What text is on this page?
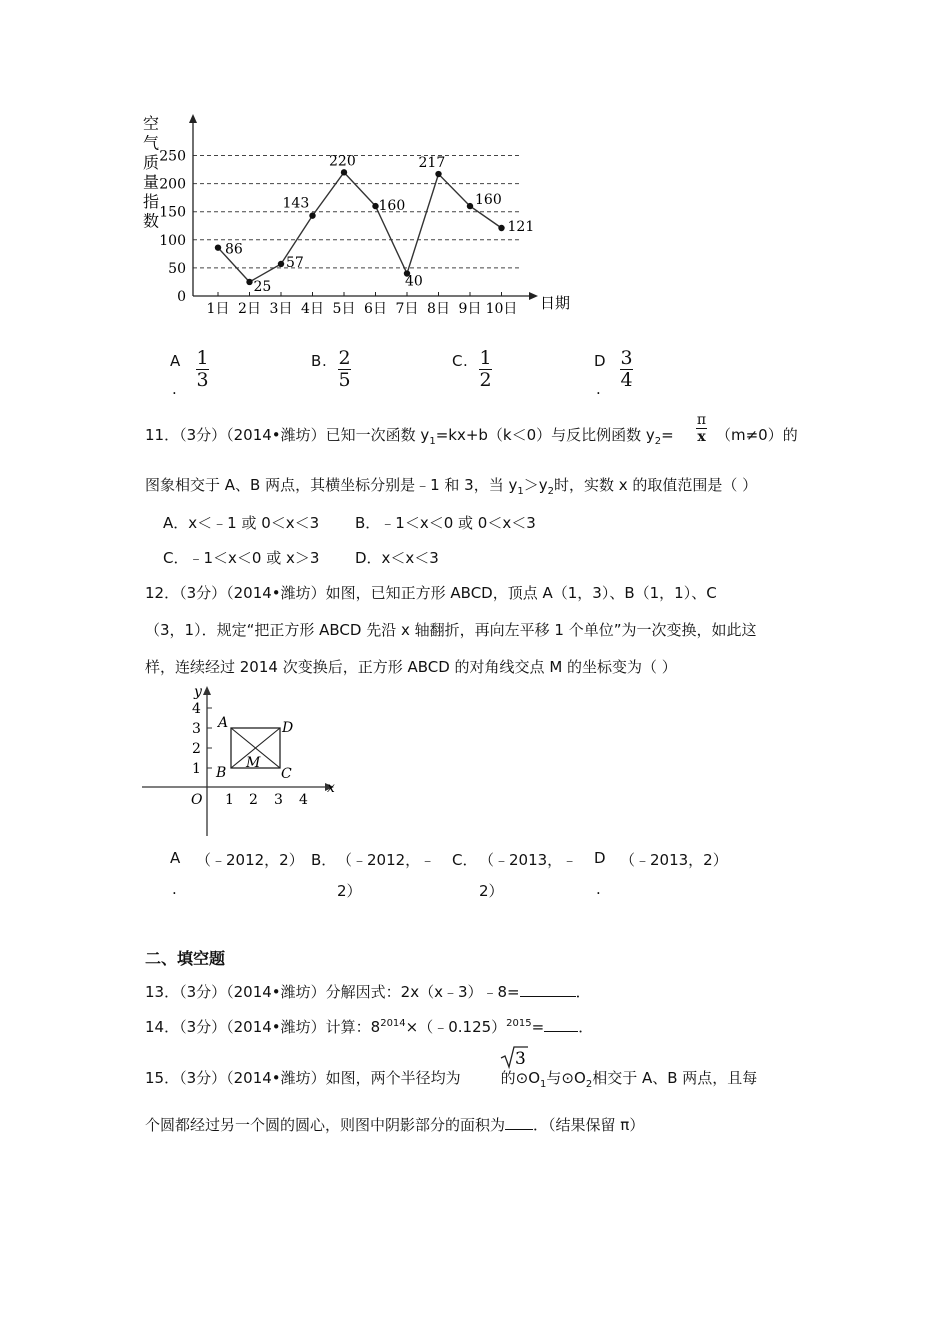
空
气
质
量
指
数
0
50
100
150
200
250
1日 2日 3日 4日 5日 6日 7日 8日 9日 10日 日期
86
25
57
143
220
160
40
217
160
121
A
.
1
3
B . 2
5
C . 1
2
D
.
3
4
11．（3分）（2014•潍坊）已知一次函数 $y_1=kx+b(k<0)$与反比例函数 $y_2=$
π
x （m≠0）的
图象相交于 A、B 两点，其横坐标分别是﹣1 和 3，当 $y_1>y_2$时，实数 x 的取值范围是（ ）
A．x＜﹣1 或 0＜x＜3 B．﹣1＜x＜0 或 0＜x＜3
C．﹣1＜x＜0 或 x＞3 D．x＜x＜3
12．（3分）（2014•潍坊）如图，已知正方形 ABCD，顶点 A（1，3）、B（1，1）、C
（3，1）．规定“把正方形 ABCD 先沿 x 轴翻折，再向左平移 1 个单位”为一次变换，如此这
样，连续经过 2014 次变换后，正方形 ABCD 的对角线交点 M 的坐标变为（ ）
x
y
O 1 2 3 4
1
2
3
4
A	D
B	C
M
A
.
（﹣2012，2） B． （﹣2012，﹣
2）
C． （﹣2013，﹣
2）
D
.
（﹣2013，2）
二、填空题
13．（3分）（2014•潍坊）分解因式：2x（x﹣3）﹣8=	．
14．（3分）（2014•潍坊）计算：$8^{2014}\times(﹣0.125)^{2015}=$ ．
3
15．（3分）（2014•潍坊）如图，两个半径均为	的$⊙O_1$与$⊙O_2$相交于 A、B 两点，且每
个圆都经过另一个圆的圆心，则图中阴影部分的面积为 ．（结果保留 π）
